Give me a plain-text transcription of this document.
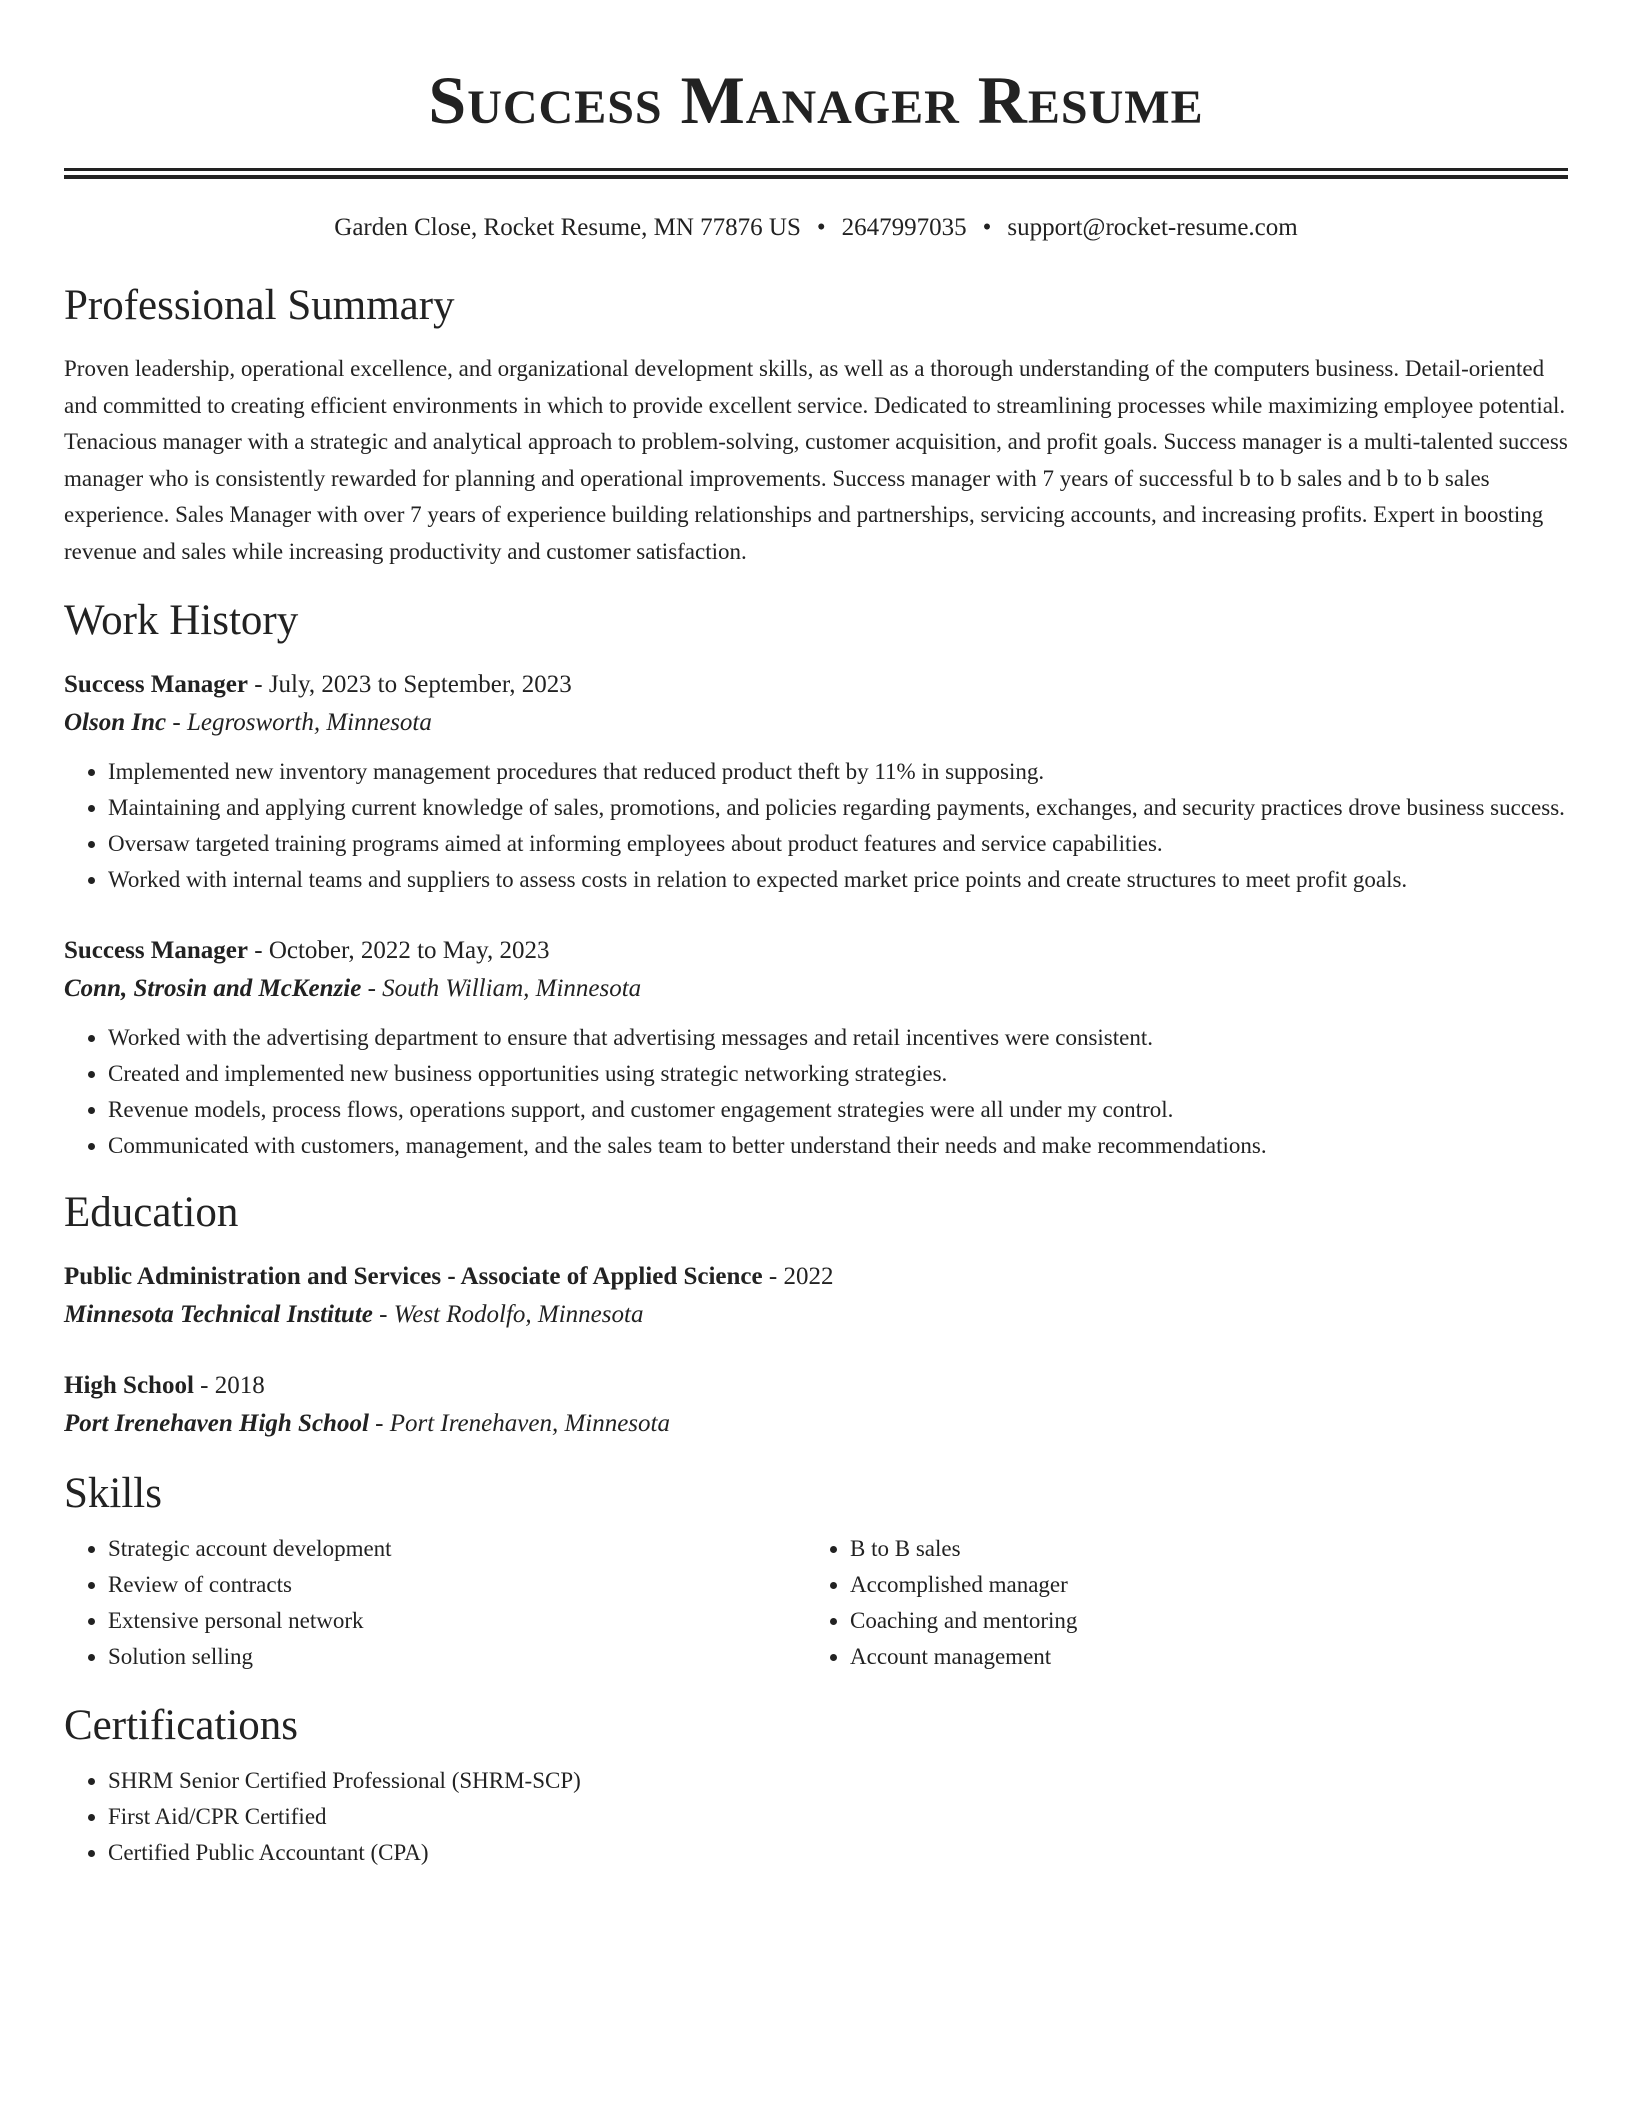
Success Manager Resume
Garden Close, Rocket Resume, MN 77876 US • 2647997035 • support@rocket-resume.com
Professional Summary

Proven leadership, operational excellence, and organizational development skills, as well as a thorough understanding of the computers business. Detail-oriented and committed to creating efficient environments in which to provide excellent service. Dedicated to streamlining processes while maximizing employee potential. Tenacious manager with a strategic and analytical approach to problem-solving, customer acquisition, and profit goals. Success manager is a multi-talented success manager who is consistently rewarded for planning and operational improvements. Success manager with 7 years of successful b to b sales and b to b sales experience. Sales Manager with over 7 years of experience building relationships and partnerships, servicing accounts, and increasing profits. Expert in boosting revenue and sales while increasing productivity and customer satisfaction.

Work History
Success Manager - July, 2023 to September, 2023
Olson Inc - Legrosworth, Minnesota
• Implemented new inventory management procedures that reduced product theft by 11% in supposing.
• Maintaining and applying current knowledge of sales, promotions, and policies regarding payments, exchanges, and security practices drove business success.
• Oversaw targeted training programs aimed at informing employees about product features and service capabilities.
• Worked with internal teams and suppliers to assess costs in relation to expected market price points and create structures to meet profit goals.
Success Manager - October, 2022 to May, 2023
Conn, Strosin and McKenzie - South William, Minnesota
• Worked with the advertising department to ensure that advertising messages and retail incentives were consistent.
• Created and implemented new business opportunities using strategic networking strategies.
• Revenue models, process flows, operations support, and customer engagement strategies were all under my control.
• Communicated with customers, management, and the sales team to better understand their needs and make recommendations.
Education
Public Administration and Services - Associate of Applied Science - 2022
Minnesota Technical Institute - West Rodolfo, Minnesota
High School - 2018
Port Irenehaven High School - Port Irenehaven, Minnesota
Skills
• Strategic account development
• Review of contracts
• Extensive personal network
• Solution selling
• B to B sales
• Accomplished manager
• Coaching and mentoring
• Account management
Certifications
• SHRM Senior Certified Professional (SHRM-SCP)
• First Aid/CPR Certified
• Certified Public Accountant (CPA)
